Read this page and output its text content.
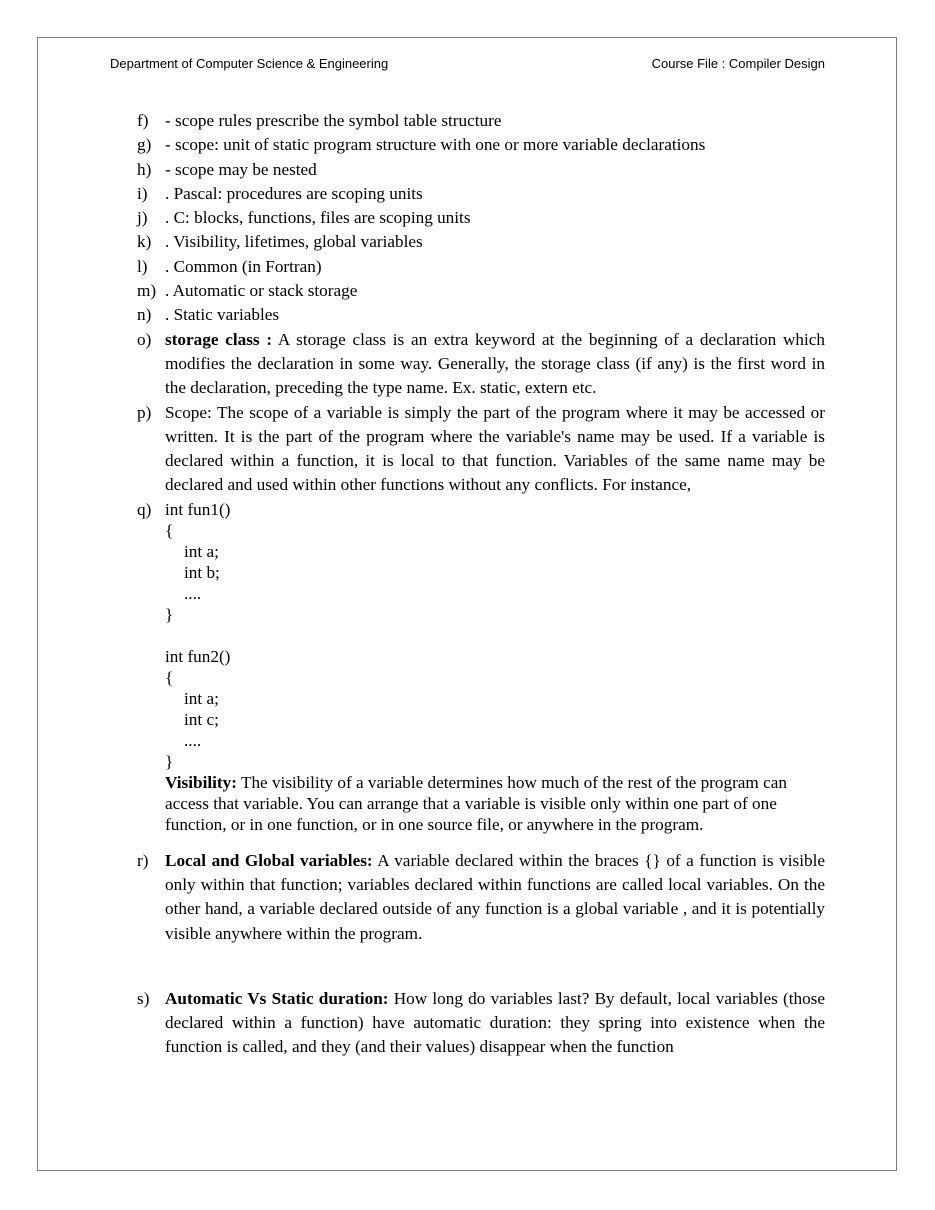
Department of Computer Science & Engineering	Course File : Compiler Design
f) - scope rules prescribe the symbol table structure
g) - scope: unit of static program structure with one or more variable declarations
h) - scope may be nested
i) . Pascal: procedures are scoping units
j) . C: blocks, functions, files are scoping units
k) . Visibility, lifetimes, global variables
l) . Common (in Fortran)
m) . Automatic or stack storage
n) . Static variables
o) storage class : A storage class is an extra keyword at the beginning of a declaration which modifies the declaration in some way. Generally, the storage class (if any) is the first word in the declaration, preceding the type name. Ex. static, extern etc.
p) Scope: The scope of a variable is simply the part of the program where it may be accessed or written. It is the part of the program where the variable's name may be used. If a variable is declared within a function, it is local to that function. Variables of the same name may be declared and used within other functions without any conflicts. For instance,
q) int fun1()
{
int a;
int b;
....
}
int fun2()
{
int a;
int c;
....
}
Visibility: The visibility of a variable determines how much of the rest of the program can access that variable. You can arrange that a variable is visible only within one part of one function, or in one function, or in one source file, or anywhere in the program.
r) Local and Global variables: A variable declared within the braces {} of a function is visible only within that function; variables declared within functions are called local variables. On the other hand, a variable declared outside of any function is a global variable , and it is potentially visible anywhere within the program.
s) Automatic Vs Static duration: How long do variables last? By default, local variables (those declared within a function) have automatic duration: they spring into existence when the function is called, and they (and their values) disappear when the function
